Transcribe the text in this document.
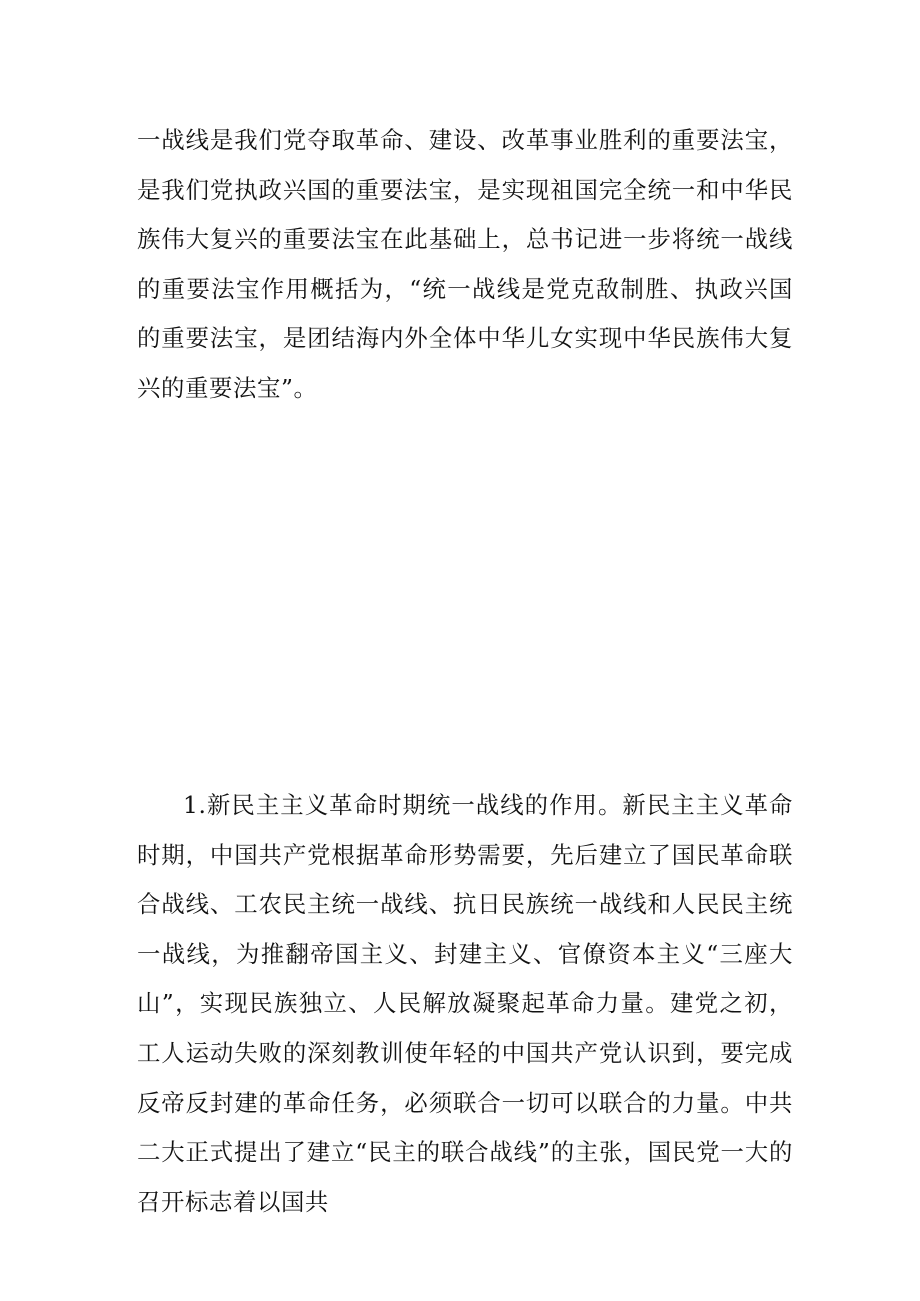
一战线是我们党夺取革命、建设、改革事业胜利的重要法宝，是我们党执政兴国的重要法宝，是实现祖国完全统一和中华民族伟大复兴的重要法宝在此基础上，总书记进一步将统一战线的重要法宝作用概括为，“统一战线是党克敌制胜、执政兴国的重要法宝，是团结海内外全体中华儿女实现中华民族伟大复兴的重要法宝”。

1.新民主主义革命时期统一战线的作用。新民主主义革命时期，中国共产党根据革命形势需要，先后建立了国民革命联合战线、工农民主统一战线、抗日民族统一战线和人民民主统一战线，为推翻帝国主义、封建主义、官僚资本主义“三座大山”，实现民族独立、人民解放凝聚起革命力量。建党之初，工人运动失败的深刻教训使年轻的中国共产党认识到，要完成反帝反封建的革命任务，必须联合一切可以联合的力量。中共二大正式提出了建立“民主的联合战线”的主张，国民党一大的召开标志着以国共
